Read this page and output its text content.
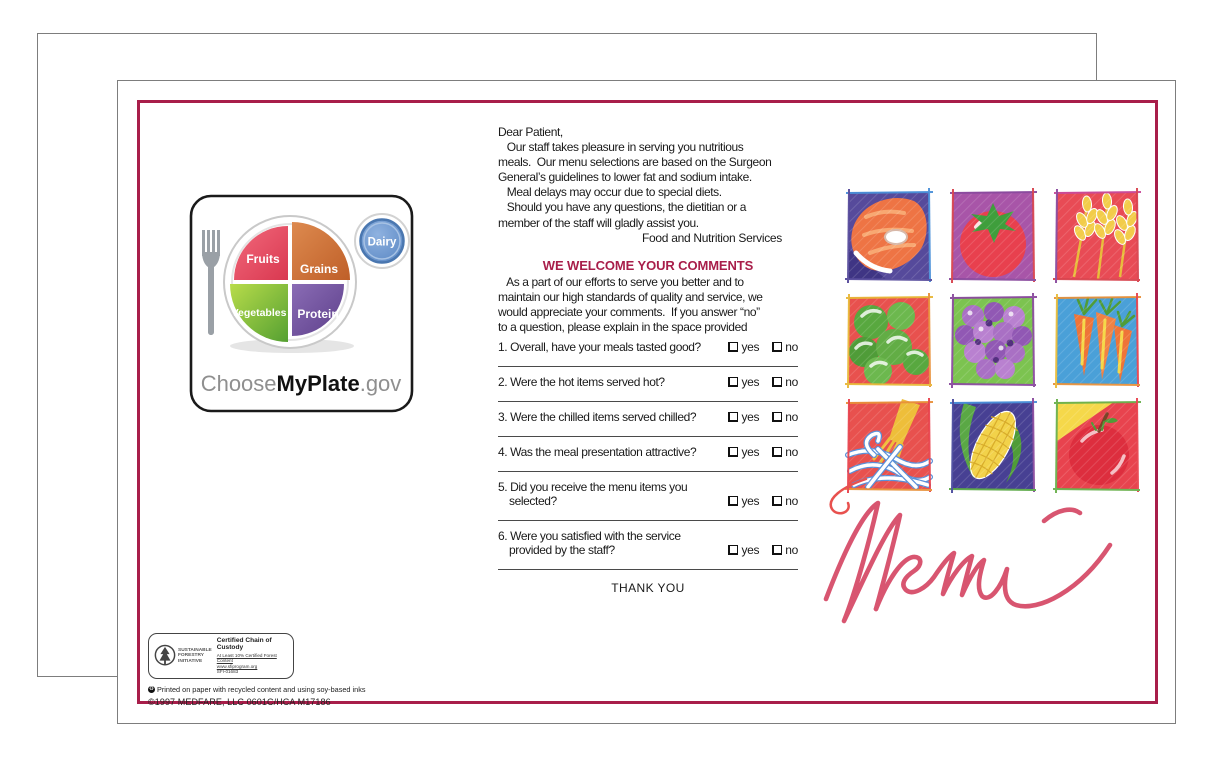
Fruits
Grains
Vegetables Protein
Dairy
ChooseMyPlate.gov
Dear Patient,
Our staff takes pleasure in serving you nutritious
meals.  Our menu selections are based on the Surgeon
General’s guidelines to lower fat and sodium intake.
Meal delays may occur due to special diets.
Should you have any questions, the dietitian or a
member of the staff will gladly assist you.
Food and Nutrition Services
WE WELCOME YOUR COMMENTS
As a part of our efforts to serve you better and to
maintain our high standards of quality and service, we
would appreciate your comments.  If you answer “no”
to a question, please explain in the space provided
1. Overall, have your meals tasted good?	yes no
2. Were the hot items served hot?	yes no
3. Were the chilled items served chilled?	yes no
4. Was the meal presentation attractive?	yes no
5. Did you receive the menu items you
selected?	yes no
6. Were you satisfied with the service
provided by the staff?	yes no
THANK YOU
SUSTAINABLE
FORESTRY
INITIATIVE
Certified Chain of Custody
At Least 10% Certified Forest Content
www.sfiprogram.org
SFI-01683
♻ Printed on paper with recycled content and using soy-based inks
©1997 MEDFARE, LLC 0601C/HCA M17186
